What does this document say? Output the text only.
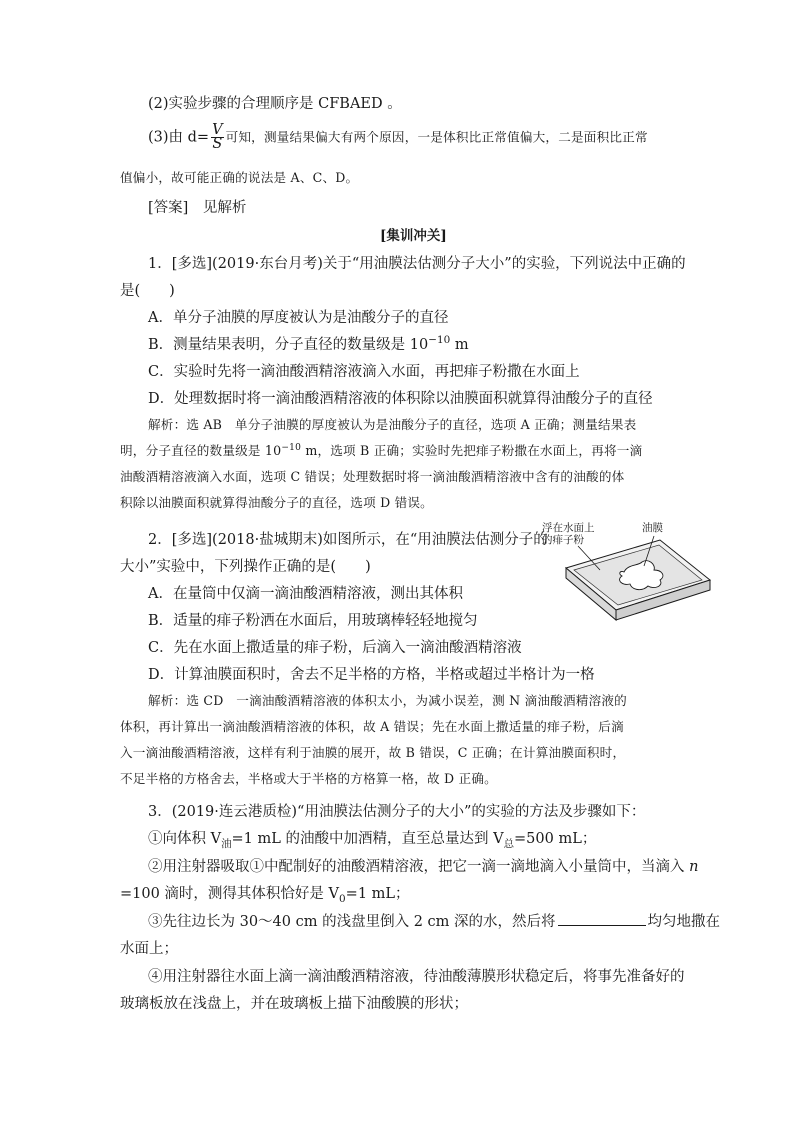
(2)实验步骤的合理顺序是 CFBAED 。
(3)由 $d= \frac{V}{S}$ 可知，测量结果偏大有两个原因，一是体积比正常值偏大，二是面积比正常
值偏小，故可能正确的说法是 A、C、D。
[答案]　见解析
[集训冲关]
1．[多选](2019·东台月考)关于“用油膜法估测分子大小”的实验，下列说法中正确的
是(　　)
A．单分子油膜的厚度被认为是油酸分子的直径
B．测量结果表明，分子直径的数量级是 $10^{-10}$ m
C．实验时先将一滴油酸酒精溶液滴入水面，再把痱子粉撒在水面上
D．处理数据时将一滴油酸酒精溶液的体积除以油膜面积就算得油酸分子的直径
解析：选 AB　单分子油膜的厚度被认为是油酸分子的直径，选项 A 正确；测量结果表
明，分子直径的数量级是 $10^{-10}$ m，选项 B 正确；实验时先把痱子粉撒在水面上，再将一滴
油酸酒精溶液滴入水面，选项 C 错误；处理数据时将一滴油酸酒精溶液中含有的油酸的体
积除以油膜面积就算得油酸分子的直径，选项 D 错误。
2．[多选](2018·盐城期末)如图所示，在“用油膜法估测分子的
大小”实验中，下列操作正确的是(　　)
A．在量筒中仅滴一滴油酸酒精溶液，测出其体积
B．适量的痱子粉洒在水面后，用玻璃棒轻轻地搅匀
C．先在水面上撒适量的痱子粉，后滴入一滴油酸酒精溶液
D．计算油膜面积时，舍去不足半格的方格，半格或超过半格计为一格
浮在水面上
的痱子粉
油膜
解析：选 CD　一滴油酸酒精溶液的体积太小，为减小误差，测 N 滴油酸酒精溶液的
体积，再计算出一滴油酸酒精溶液的体积，故 A 错误；先在水面上撒适量的痱子粉，后滴
入一滴油酸酒精溶液，这样有利于油膜的展开，故 B 错误，C 正确；在计算油膜面积时，
不足半格的方格舍去，半格或大于半格的方格算一格，故 D 正确。
3．(2019·连云港质检)“用油膜法估测分子的大小”的实验的方法及步骤如下：
①向体积 $V_油=1$ mL 的油酸中加酒精，直至总量达到 $V_总=500$ mL；
②用注射器吸取①中配制好的油酸酒精溶液，把它一滴一滴地滴入小量筒中，当滴入 n
=100 滴时，测得其体积恰好是 $V_0=1$ mL；
③先往边长为 30～40 cm 的浅盘里倒入 2 cm 深的水，然后将	均匀地撒在
水面上；
④用注射器往水面上滴一滴油酸酒精溶液，待油酸薄膜形状稳定后，将事先准备好的
玻璃板放在浅盘上，并在玻璃板上描下油酸膜的形状；
